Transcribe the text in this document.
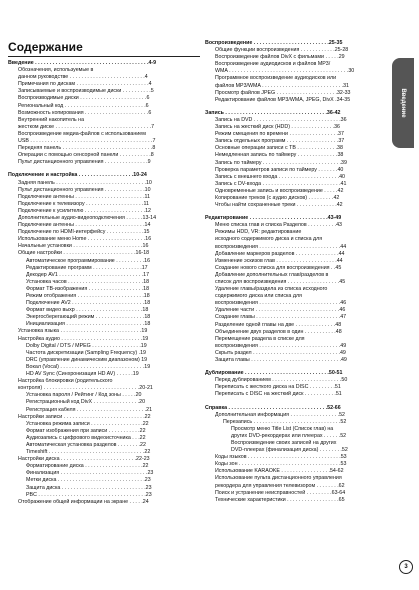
Содержание
Введение . . . . . . . . . . . . . . . . . . . . . . . . . . . . . . . . . . . . . . .4-9
Обозначения, используемые в
данном руководстве . . . . . . . . . . . . . . . . . . . . . . . . . .4
Примечания по дискам . . . . . . . . . . . . . . . . . . . . . . . . .4
Записываемые и воспроизводимые диски . . . . . . . . . .5
Воспроизводимые диски . . . . . . . . . . . . . . . . . . . . . . .6
Региональный код . . . . . . . . . . . . . . . . . . . . . . . . . . . .6
Возможность копирования . . . . . . . . . . . . . . . . . . . . . .6
Внутренний накопитель на
жестком диске . . . . . . . . . . . . . . . . . . . . . . . . . . . . . . . . .7
Воспроизведение медиа-файлов с использованием
USB . . . . . . . . . . . . . . . . . . . . . . . . . . . . . . . . . . . . . . . . . .7
Передняя панель . . . . . . . . . . . . . . . . . . . . . . . . . . . . . . .8
Операции с помощью сенсорной панели . . . . . . . . . . .8
Пульт дистанционного управления . . . . . . . . . . . . . . .9
Подключение и настройка . . . . . . . . . . . . . . . . . . .10-24
Задняя панель . . . . . . . . . . . . . . . . . . . . . . . . . . . . . . .10
Пульт дистанционного управления . . . . . . . . . . . . . .10
Подключение антенны . . . . . . . . . . . . . . . . . . . . . . . .11
Подключение к телевизору . . . . . . . . . . . . . . . . . . . .11
Подключение к усилителю . . . . . . . . . . . . . . . . . . . . .12
Дополнительные аудио-видеоподключения . . . . . .13-14
Подключение антенны . . . . . . . . . . . . . . . . . . . . . . . .14
Подключение по HDMI-интерфейсу . . . . . . . . . . . . .15
Использование меню Home . . . . . . . . . . . . . . . . . . . .16
Начальные установки . . . . . . . . . . . . . . . . . . . . . . . .16
Общие настройки . . . . . . . . . . . . . . . . . . . . . . . . .16-18
Автоматическое программирование . . . . . . . . . .16
Редактирование программ . . . . . . . . . . . . . . . . .17
Декодер AV1 . . . . . . . . . . . . . . . . . . . . . . . . . . . . .17
Установка часов . . . . . . . . . . . . . . . . . . . . . . . . . .18
Формат ТВ-изображения . . . . . . . . . . . . . . . . . . .18
Режим отображения . . . . . . . . . . . . . . . . . . . . . . .18
Подключение AV2 . . . . . . . . . . . . . . . . . . . . . . . . .18
Формат видео выхр . . . . . . . . . . . . . . . . . . . . . . .18
Энергосберегающий режим . . . . . . . . . . . . . . . . .18
Инициализация . . . . . . . . . . . . . . . . . . . . . . . . . . .18
Установка языка . . . . . . . . . . . . . . . . . . . . . . . . . . . .19
Настройка аудио . . . . . . . . . . . . . . . . . . . . . . . . . . . .19
Dolby Digital / DTS / MPEG . . . . . . . . . . . . . . . . .19
Частота дискретизации (Sampling Frequency) .19
DRC (управление динамическим диапазоном) 19
Вокал (Vocal) . . . . . . . . . . . . . . . . . . . . . . . . . . . . .19
HD AV Sync (Синхронизация HD AV) . . . . . .19
Настройка блокировки (родительского
контроля) . . . . . . . . . . . . . . . . . . . . . . . . . . . . . . . . .20-21
Установка пароля / Рейтинг / Код зоны . . . . .20
Регистрационный код DivX . . . . . . . . . . . . . . . .20
Регистрация кабеля . . . . . . . . . . . . . . . . . . . . . . . .21
Настройки записи . . . . . . . . . . . . . . . . . . . . . . . . . . . .22
Установка режима записи . . . . . . . . . . . . . . . . . .22
Формат изображения при записи . . . . . . . . . . .22
Аудиозапись с цифрового видеоисточника . . .22
Автоматическая установка разделов . . . . . . . .22
Timeshift . . . . . . . . . . . . . . . . . . . . . . . . . . . . . . . . .22
Настройки диска . . . . . . . . . . . . . . . . . . . . . . . . . .22-23
Форматирование диска . . . . . . . . . . . . . . . . . . . .22
Финализация . . . . . . . . . . . . . . . . . . . . . . . . . . . . . .23
Метки диска . . . . . . . . . . . . . . . . . . . . . . . . . . . . . .23
Защита диска . . . . . . . . . . . . . . . . . . . . . . . . . . . . .23
PBC . . . . . . . . . . . . . . . . . . . . . . . . . . . . . . . . . . . . .23
Отображение общей информации на экране . . . . .24
Воспроизведение . . . . . . . . . . . . . . . . . . . . . . . . . .25-35
Общие функции воспроизведения . . . . . . . . . . . .25-28
Воспроизведение файлов DivX с фильмами . . . . .29
Воспроизведение аудиодисков и файлов MP3/
WMA . . . . . . . . . . . . . . . . . . . . . . . . . . . . . . . . . . . . . . . . .30
Программное воспроизведение аудиодисков или
файлов MP3/WMA . . . . . . . . . . . . . . . . . . . . . . . . . . . .31
Просмотр файлов JPEG . . . . . . . . . . . . . . . . . . . . .32-33
Редактирование файлов MP3/WMA, JPEG, DivX .34-35
Запись . . . . . . . . . . . . . . . . . . . . . . . . . . . . . . . . . . .36-42
Запись на DVD . . . . . . . . . . . . . . . . . . . . . . . . . . . . . .36
Запись на жесткий диск (HDD) . . . . . . . . . . . . . . .36
Режим смещения по времени . . . . . . . . . . . . . . . . .37
Запись отдельных программ . . . . . . . . . . . . . . . . . .37
Основные операции записи с ТВ . . . . . . . . . . . . . .38
Немедленная запись по таймеру . . . . . . . . . . . . . .38
Запись по таймеру . . . . . . . . . . . . . . . . . . . . . . . . . . .39
Проверка параметров записи по таймеру . . . . . . .40
Запись с внешнего входа . . . . . . . . . . . . . . . . . . . . .40
Запись с DV-входа . . . . . . . . . . . . . . . . . . . . . . . . . . .41
Одновременные запись и воспроизведение . . . . .42
Копирование треков (с аудио дисков) . . . . . . . . .42
Чтобы найти сохраненные треки . . . . . . . . . . . . . .42
Редактирование . . . . . . . . . . . . . . . . . . . . . . . . . . .43-49
Меню списка глав и списка Разделов . . . . . . . . . .43
Режимы HDD, VR: редактирование
исходного содержимого диска и списка для
воспроизведения . . . . . . . . . . . . . . . . . . . . . . . . . . . .44
Добавление маркеров разделов . . . . . . . . . . . . . . .44
Изменение эскизов глав . . . . . . . . . . . . . . . . . . . . .44
Создание нового списка для воспроизведения . .45
Добавление дополнительных глав/разделов в
список для воспроизведения . . . . . . . . . . . . . . . . . .45
Удаление главы/раздела из списка исходного
содержимого диска или списка для
воспроизведения . . . . . . . . . . . . . . . . . . . . . . . . . . . .46
Удаление части . . . . . . . . . . . . . . . . . . . . . . . . . . . . .46
Создание главы . . . . . . . . . . . . . . . . . . . . . . . . . . . . .47
Разделение одной главы на две . . . . . . . . . . . . . .48
Объединение двух разделов в один . . . . . . . . . . .48
Перемещение раздела в списке для
воспроизведения . . . . . . . . . . . . . . . . . . . . . . . . . . . .49
Скрыть раздел . . . . . . . . . . . . . . . . . . . . . . . . . . . . . .49
Защита главы . . . . . . . . . . . . . . . . . . . . . . . . . . . . . . .49
Дублирование . . . . . . . . . . . . . . . . . . . . . . . . . . . . .50-51
Перед дублированием . . . . . . . . . . . . . . . . . . . . . . . .50
Переписать с жесткого диска на DISC . . . . . . . . .51
Переписать с DISC на жесткий диск . . . . . . . . . . .51
Справка . . . . . . . . . . . . . . . . . . . . . . . . . . . . . . . . . .52-66
Дополнительная информация . . . . . . . . . . . . . . . . .52
Перезапись . . . . . . . . . . . . . . . . . . . . . . . . . . . . . .52
Просмотр меню Title List (Список глав) на
других DVD-рекордерах или плеерах . . . . . .52
Воспроизведение своих записей на других
DVD-плеерах (финализация диска) . . . . . . . .52
Коды языков . . . . . . . . . . . . . . . . . . . . . . . . . . . . . . . .53
Коды зон . . . . . . . . . . . . . . . . . . . . . . . . . . . . . . . . . . .53
Использование KARAOKE . . . . . . . . . . . . . . . . .54-62
Использование пульта дистанционного управления
рекордера для управления телевизором . . . . . . . .62
Поиск и устранение неисправностей . . . . . . . . .63-64
Технические характеристики . . . . . . . . . . . . . . . . . .65
Введение
3
